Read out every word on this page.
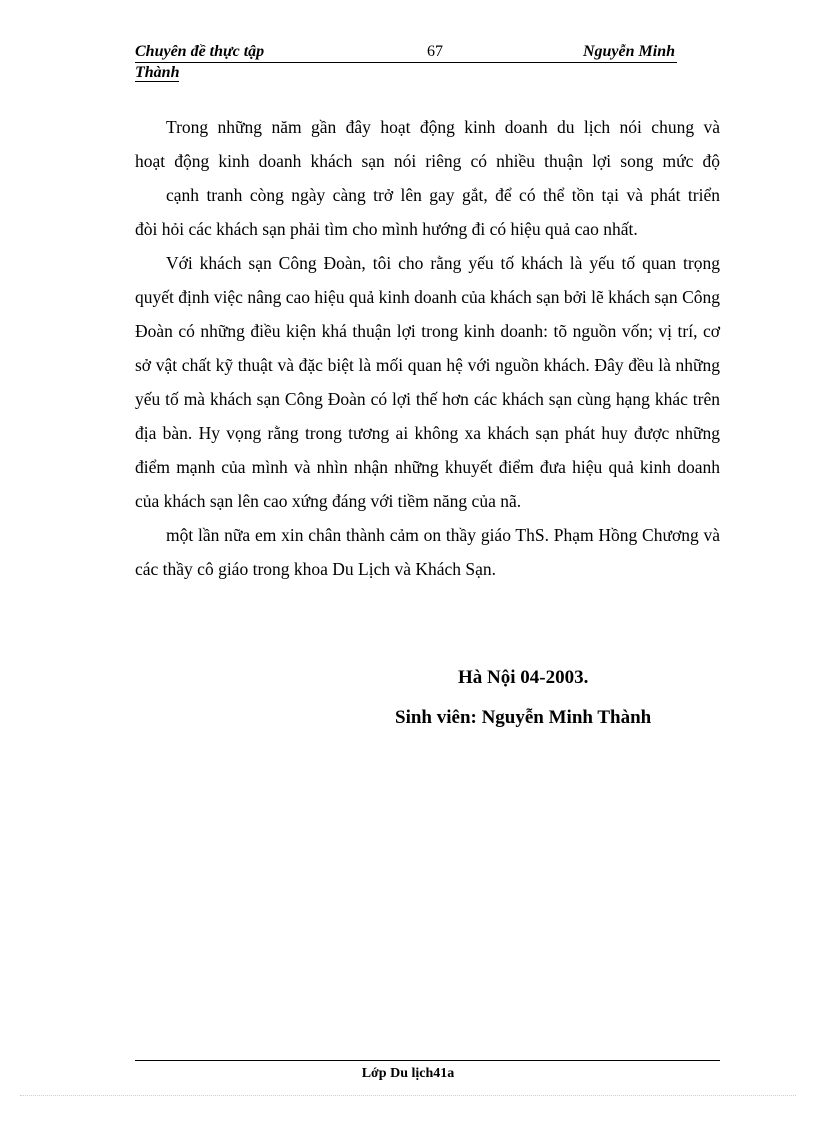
Chuyên đề thực tập	67	Nguyễn Minh
Thành

Trong những năm gần đây hoạt động kinh doanh du lịch nói chung và

hoạt động kinh doanh khách sạn nói riêng có nhiều thuận lợi song mức độ

cạnh tranh còng ngày càng trở lên gay gắt, để có thể tồn tại và phát triển

đòi hỏi các khách sạn phải tìm cho mình hướng đi có hiệu quả cao nhất.

Với khách sạn Công Đoàn, tôi cho rằng yếu tố khách là yếu tố quan trọng quyết định việc nâng cao hiệu quả kinh doanh của khách sạn bởi lẽ khách sạn Công Đoàn có những điều kiện khá thuận lợi trong kinh doanh: tõ nguồn vốn; vị trí, cơ sở vật chất kỹ thuật và đặc biệt là mối quan hệ với nguồn khách. Đây đều là những yếu tố mà khách sạn Công Đoàn có lợi thế hơn các khách sạn cùng hạng khác trên địa bàn. Hy vọng rằng trong tương ai không xa khách sạn phát huy được những điểm mạnh của mình và nhìn nhận những khuyết điểm đưa hiệu quả kinh doanh của khách sạn lên cao xứng đáng với tiềm năng của nã.

một lần nữa em xin chân thành cảm on thầy giáo ThS. Phạm Hồng Chương và các thầy cô giáo trong khoa Du Lịch và Khách Sạn.

Hà Nội 04-2003.
Sinh viên: Nguyễn Minh Thành
Lớp Du lịch41a
